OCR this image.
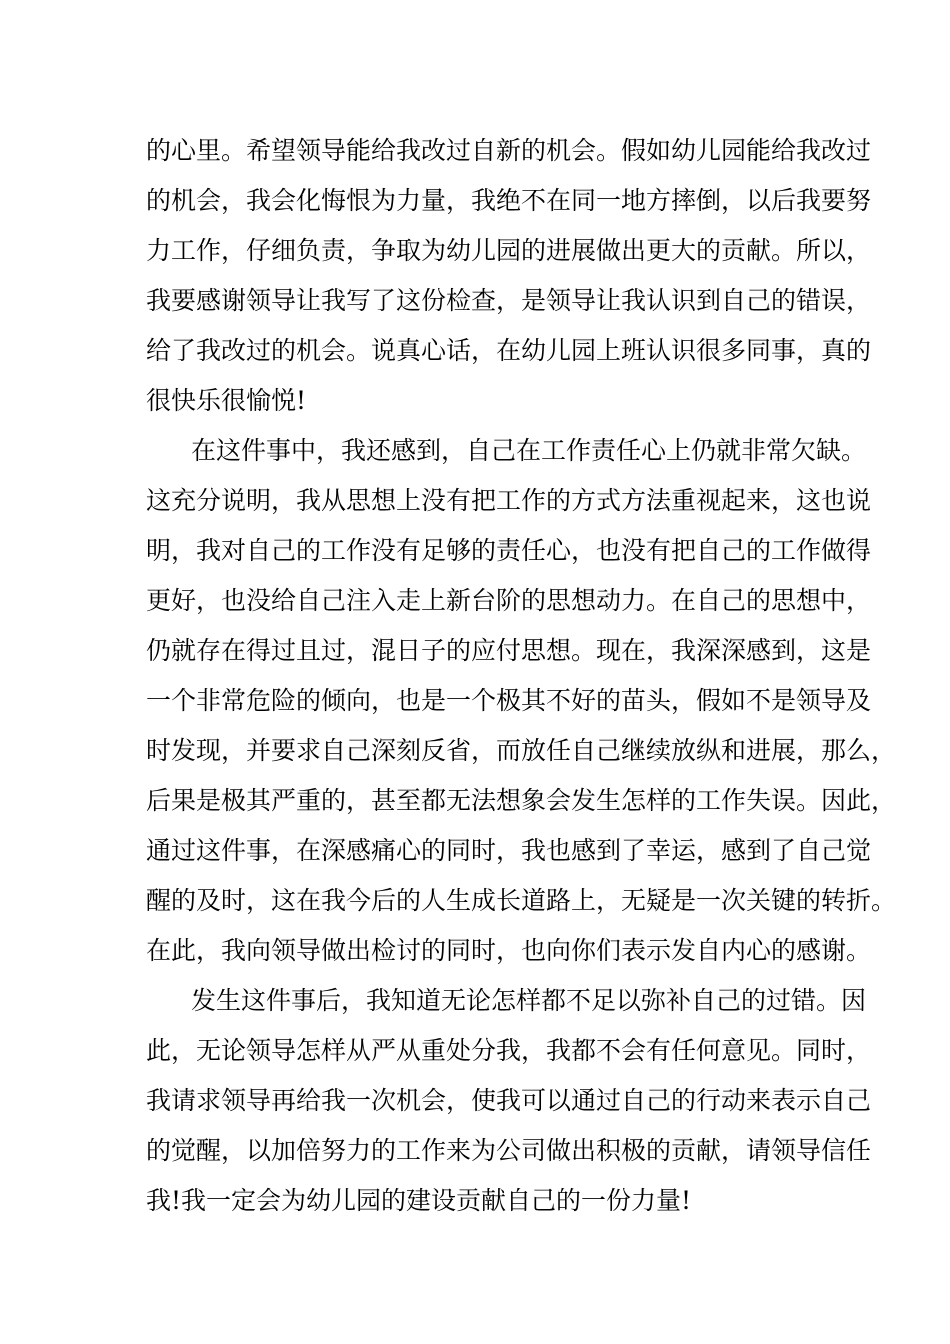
的心里。希望领导能给我改过自新的机会。假如幼儿园能给我改过
的机会，我会化悔恨为力量，我绝不在同一地方摔倒，以后我要努
力工作，仔细负责，争取为幼儿园的进展做出更大的贡献。所以，
我要感谢领导让我写了这份检查，是领导让我认识到自己的错误，
给了我改过的机会。说真心话，在幼儿园上班认识很多同事，真的
很快乐很愉悦!
在这件事中，我还感到，自己在工作责任心上仍就非常欠缺。
这充分说明，我从思想上没有把工作的方式方法重视起来，这也说
明，我对自己的工作没有足够的责任心，也没有把自己的工作做得
更好，也没给自己注入走上新台阶的思想动力。在自己的思想中，
仍就存在得过且过，混日子的应付思想。现在，我深深感到，这是
一个非常危险的倾向，也是一个极其不好的苗头，假如不是领导及
时发现，并要求自己深刻反省，而放任自己继续放纵和进展，那么，
后果是极其严重的，甚至都无法想象会发生怎样的工作失误。因此，
通过这件事，在深感痛心的同时，我也感到了幸运，感到了自己觉
醒的及时，这在我今后的人生成长道路上，无疑是一次关键的转折。
在此，我向领导做出检讨的同时，也向你们表示发自内心的感谢。
发生这件事后，我知道无论怎样都不足以弥补自己的过错。因
此，无论领导怎样从严从重处分我，我都不会有任何意见。同时，
我请求领导再给我一次机会，使我可以通过自己的行动来表示自己
的觉醒，以加倍努力的工作来为公司做出积极的贡献，请领导信任
我!我一定会为幼儿园的建设贡献自己的一份力量!
